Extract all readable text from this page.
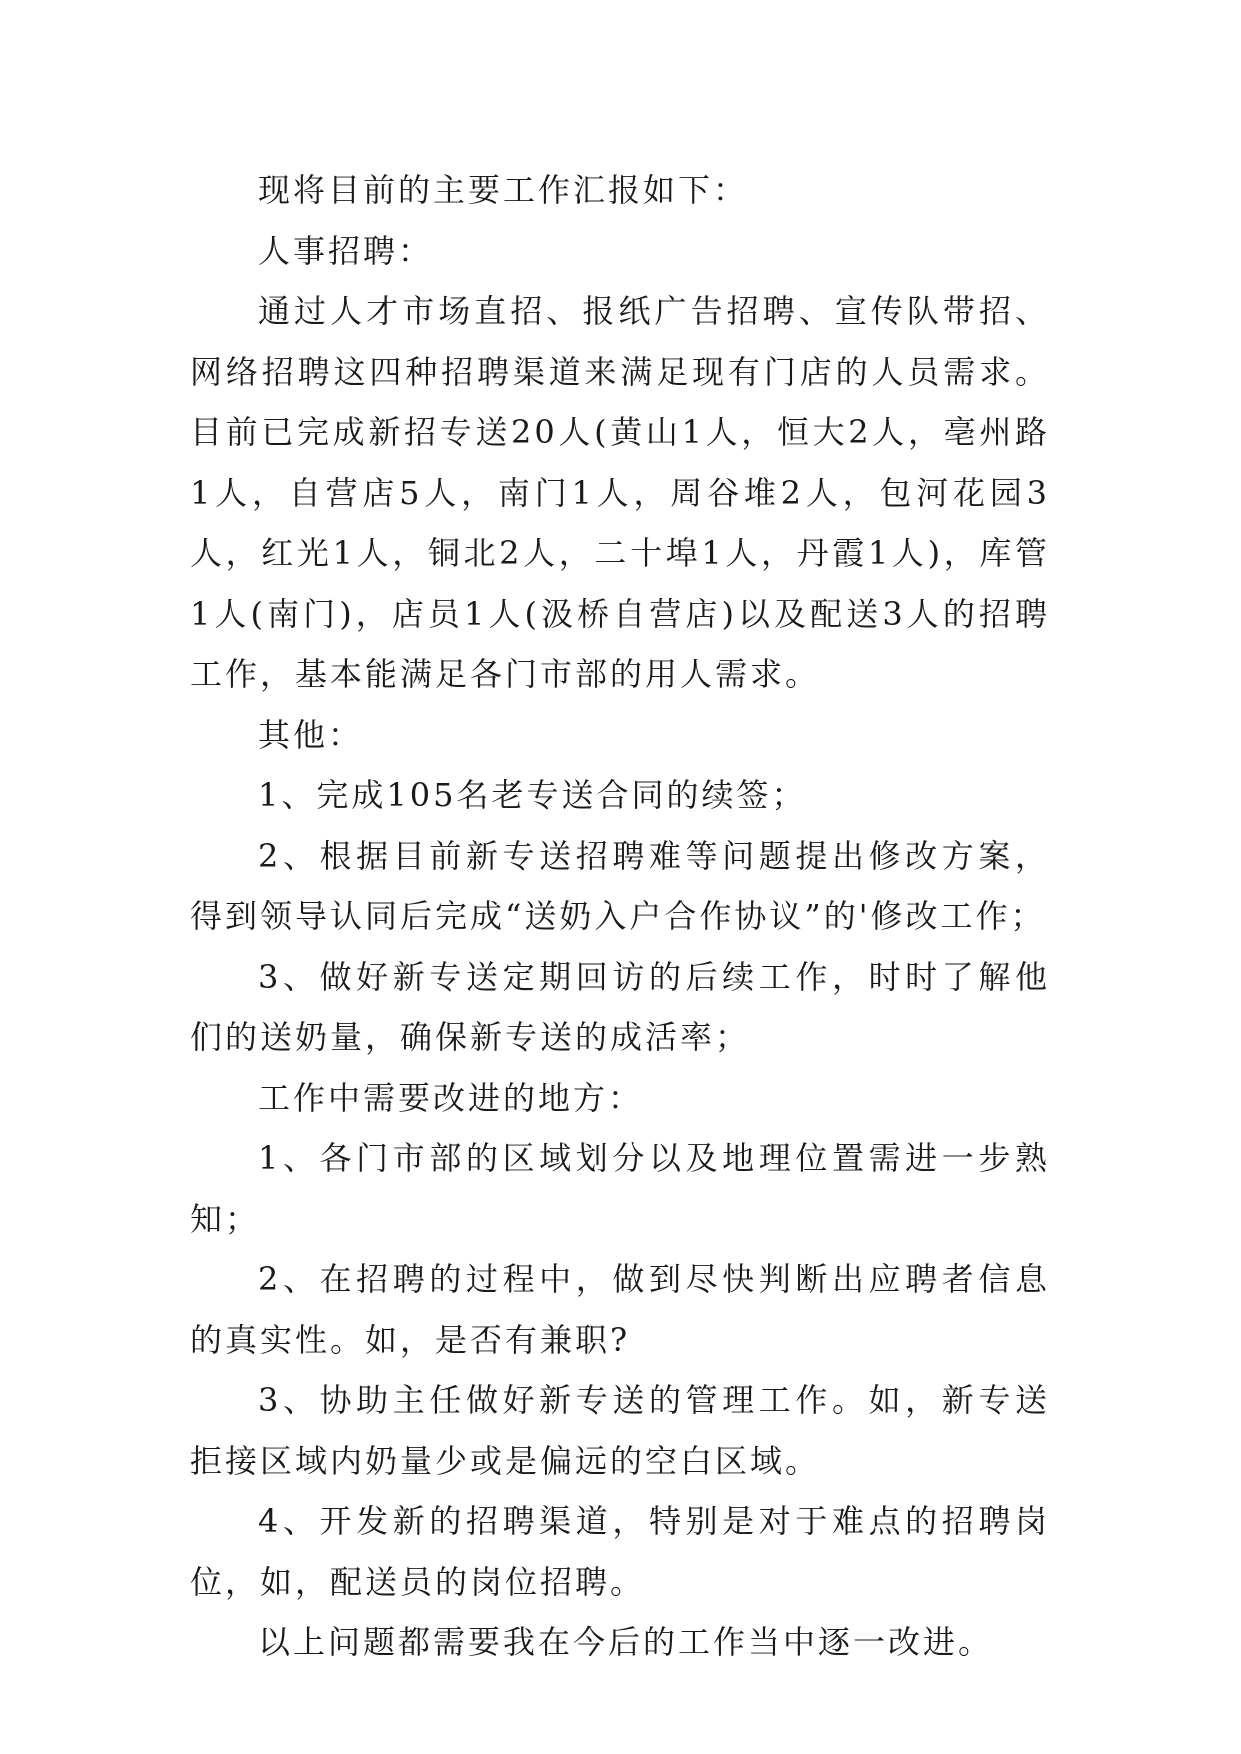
现将目前的主要工作汇报如下：

人事招聘：

通过人才市场直招、报纸广告招聘、宣传队带招、网络招聘这四种招聘渠道来满足现有门店的人员需求。目前已完成新招专送20人(黄山1人，恒大2人，亳州路1人，自营店5人，南门1人，周谷堆2人，包河花园3人，红光1人，铜北2人，二十埠1人，丹霞1人)，库管1人(南门)，店员1人(汲桥自营店)以及配送3人的招聘工作，基本能满足各门市部的用人需求。

其他：

1、完成105名老专送合同的续签；

2、根据目前新专送招聘难等问题提出修改方案，得到领导认同后完成“送奶入户合作协议”的'修改工作；

3、做好新专送定期回访的后续工作，时时了解他们的送奶量，确保新专送的成活率；

工作中需要改进的地方：

1、各门市部的区域划分以及地理位置需进一步熟知；

2、在招聘的过程中，做到尽快判断出应聘者信息的真实性。如，是否有兼职?

3、协助主任做好新专送的管理工作。如，新专送拒接区域内奶量少或是偏远的空白区域。

4、开发新的招聘渠道，特别是对于难点的招聘岗位，如，配送员的岗位招聘。

以上问题都需要我在今后的工作当中逐一改进。
